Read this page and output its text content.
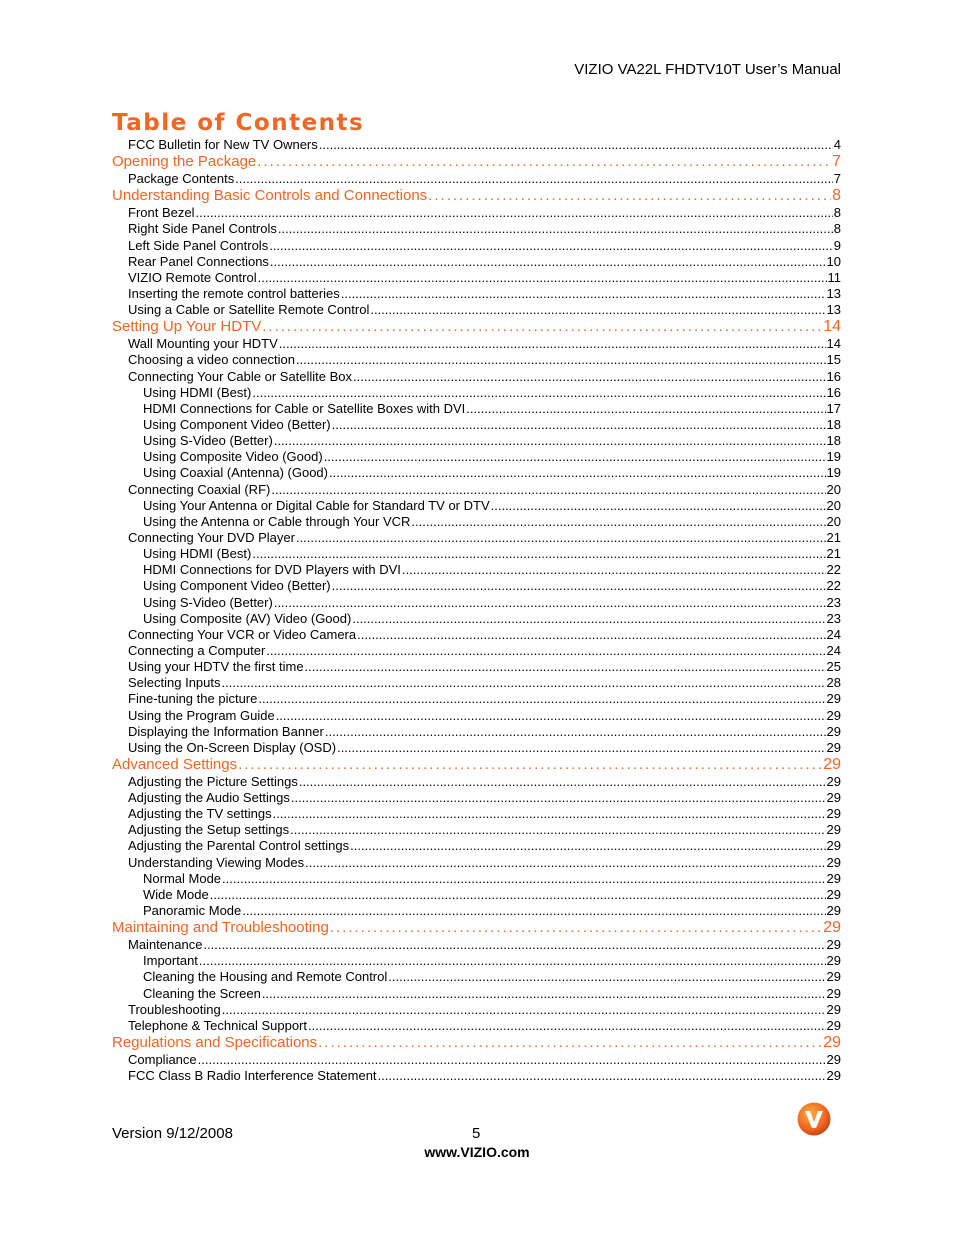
VIZIO VA22L FHDTV10T User’s Manual
Table of Contents
FCC Bulletin for New TV Owners .....	4
Opening the Package .....	7
Package Contents .....	7
Understanding Basic Controls and Connections .....	8
Front Bezel .....	8
Right Side Panel Controls .....	8
Left Side Panel Controls .....	9
Rear Panel Connections .....	10
VIZIO Remote Control .....	11
Inserting the remote control batteries .....	13
Using a Cable or Satellite Remote Control .....	13
Setting Up Your HDTV .....	14
Wall Mounting your HDTV .....	14
Choosing a video connection .....	15
Connecting Your Cable or Satellite Box .....	16
Using HDMI (Best) .....	16
HDMI Connections for Cable or Satellite Boxes with DVI .....	17
Using Component Video (Better) .....	18
Using S-Video (Better) .....	18
Using Composite Video (Good) .....	19
Using Coaxial (Antenna) (Good) .....	19
Connecting Coaxial (RF) .....	20
Using Your Antenna or Digital Cable for Standard TV or DTV .....	20
Using the Antenna or Cable through Your VCR .....	20
Connecting Your DVD Player .....	21
Using HDMI (Best) .....	21
HDMI Connections for DVD Players with DVI .....	22
Using Component Video (Better) .....	22
Using S-Video (Better) .....	23
Using Composite (AV) Video (Good) .....	23
Connecting Your VCR or Video Camera .....	24
Connecting a Computer .....	24
Using your HDTV the first time .....	25
Selecting Inputs .....	28
Fine-tuning the picture .....	29
Using the Program Guide .....	29
Displaying the Information Banner .....	29
Using the On-Screen Display (OSD) .....	29
Advanced Settings .....	29
Adjusting the Picture Settings .....	29
Adjusting the Audio Settings .....	29
Adjusting the TV settings .....	29
Adjusting the Setup settings .....	29
Adjusting the Parental Control settings .....	29
Understanding Viewing Modes .....	29
Normal Mode .....	29
Wide Mode .....	29
Panoramic Mode .....	29
Maintaining and Troubleshooting .....	29
Maintenance .....	29
Important .....	29
Cleaning the Housing and Remote Control .....	29
Cleaning the Screen .....	29
Troubleshooting .....	29
Telephone & Technical Support .....	29
Regulations and Specifications .....	29
Compliance .....	29
FCC Class B Radio Interference Statement .....	29
Version 9/12/2008	5
www.VIZIO.com
